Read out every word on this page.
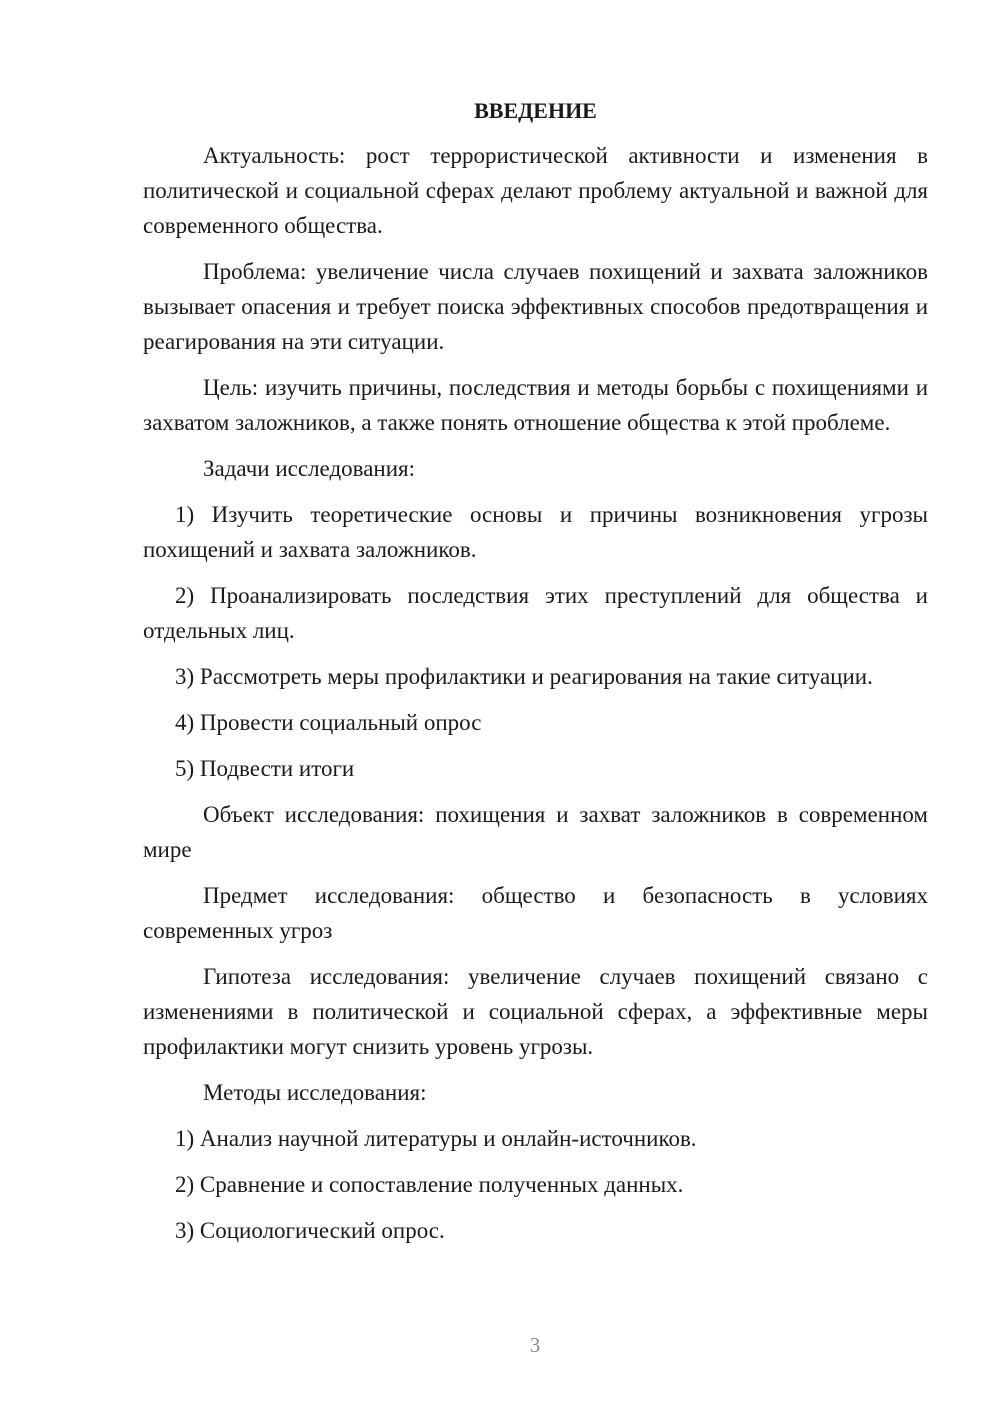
ВВЕДЕНИЕ

Актуальность: рост террористической активности и изменения в политической и социальной сферах делают проблему актуальной и важной для современного общества.

Проблема: увеличение числа случаев похищений и захвата заложников вызывает опасения и требует поиска эффективных способов предотвращения и реагирования на эти ситуации.

Цель: изучить причины, последствия и методы борьбы с похищениями и захватом заложников, а также понять отношение общества к этой проблеме.

Задачи исследования:

1) Изучить теоретические основы и причины возникновения угрозы похищений и захвата заложников.

2) Проанализировать последствия этих преступлений для общества и отдельных лиц.

3) Рассмотреть меры профилактики и реагирования на такие ситуации.

4) Провести социальный опрос

5) Подвести итоги

Объект исследования: похищения и захват заложников в современном мире

Предмет исследования: общество и безопасность в условиях современных угроз

Гипотеза исследования: увеличение случаев похищений связано с изменениями в политической и социальной сферах, а эффективные меры профилактики могут снизить уровень угрозы.

Методы исследования:

1) Анализ научной литературы и онлайн-источников.

2) Сравнение и сопоставление полученных данных.

3) Социологический опрос.

3
